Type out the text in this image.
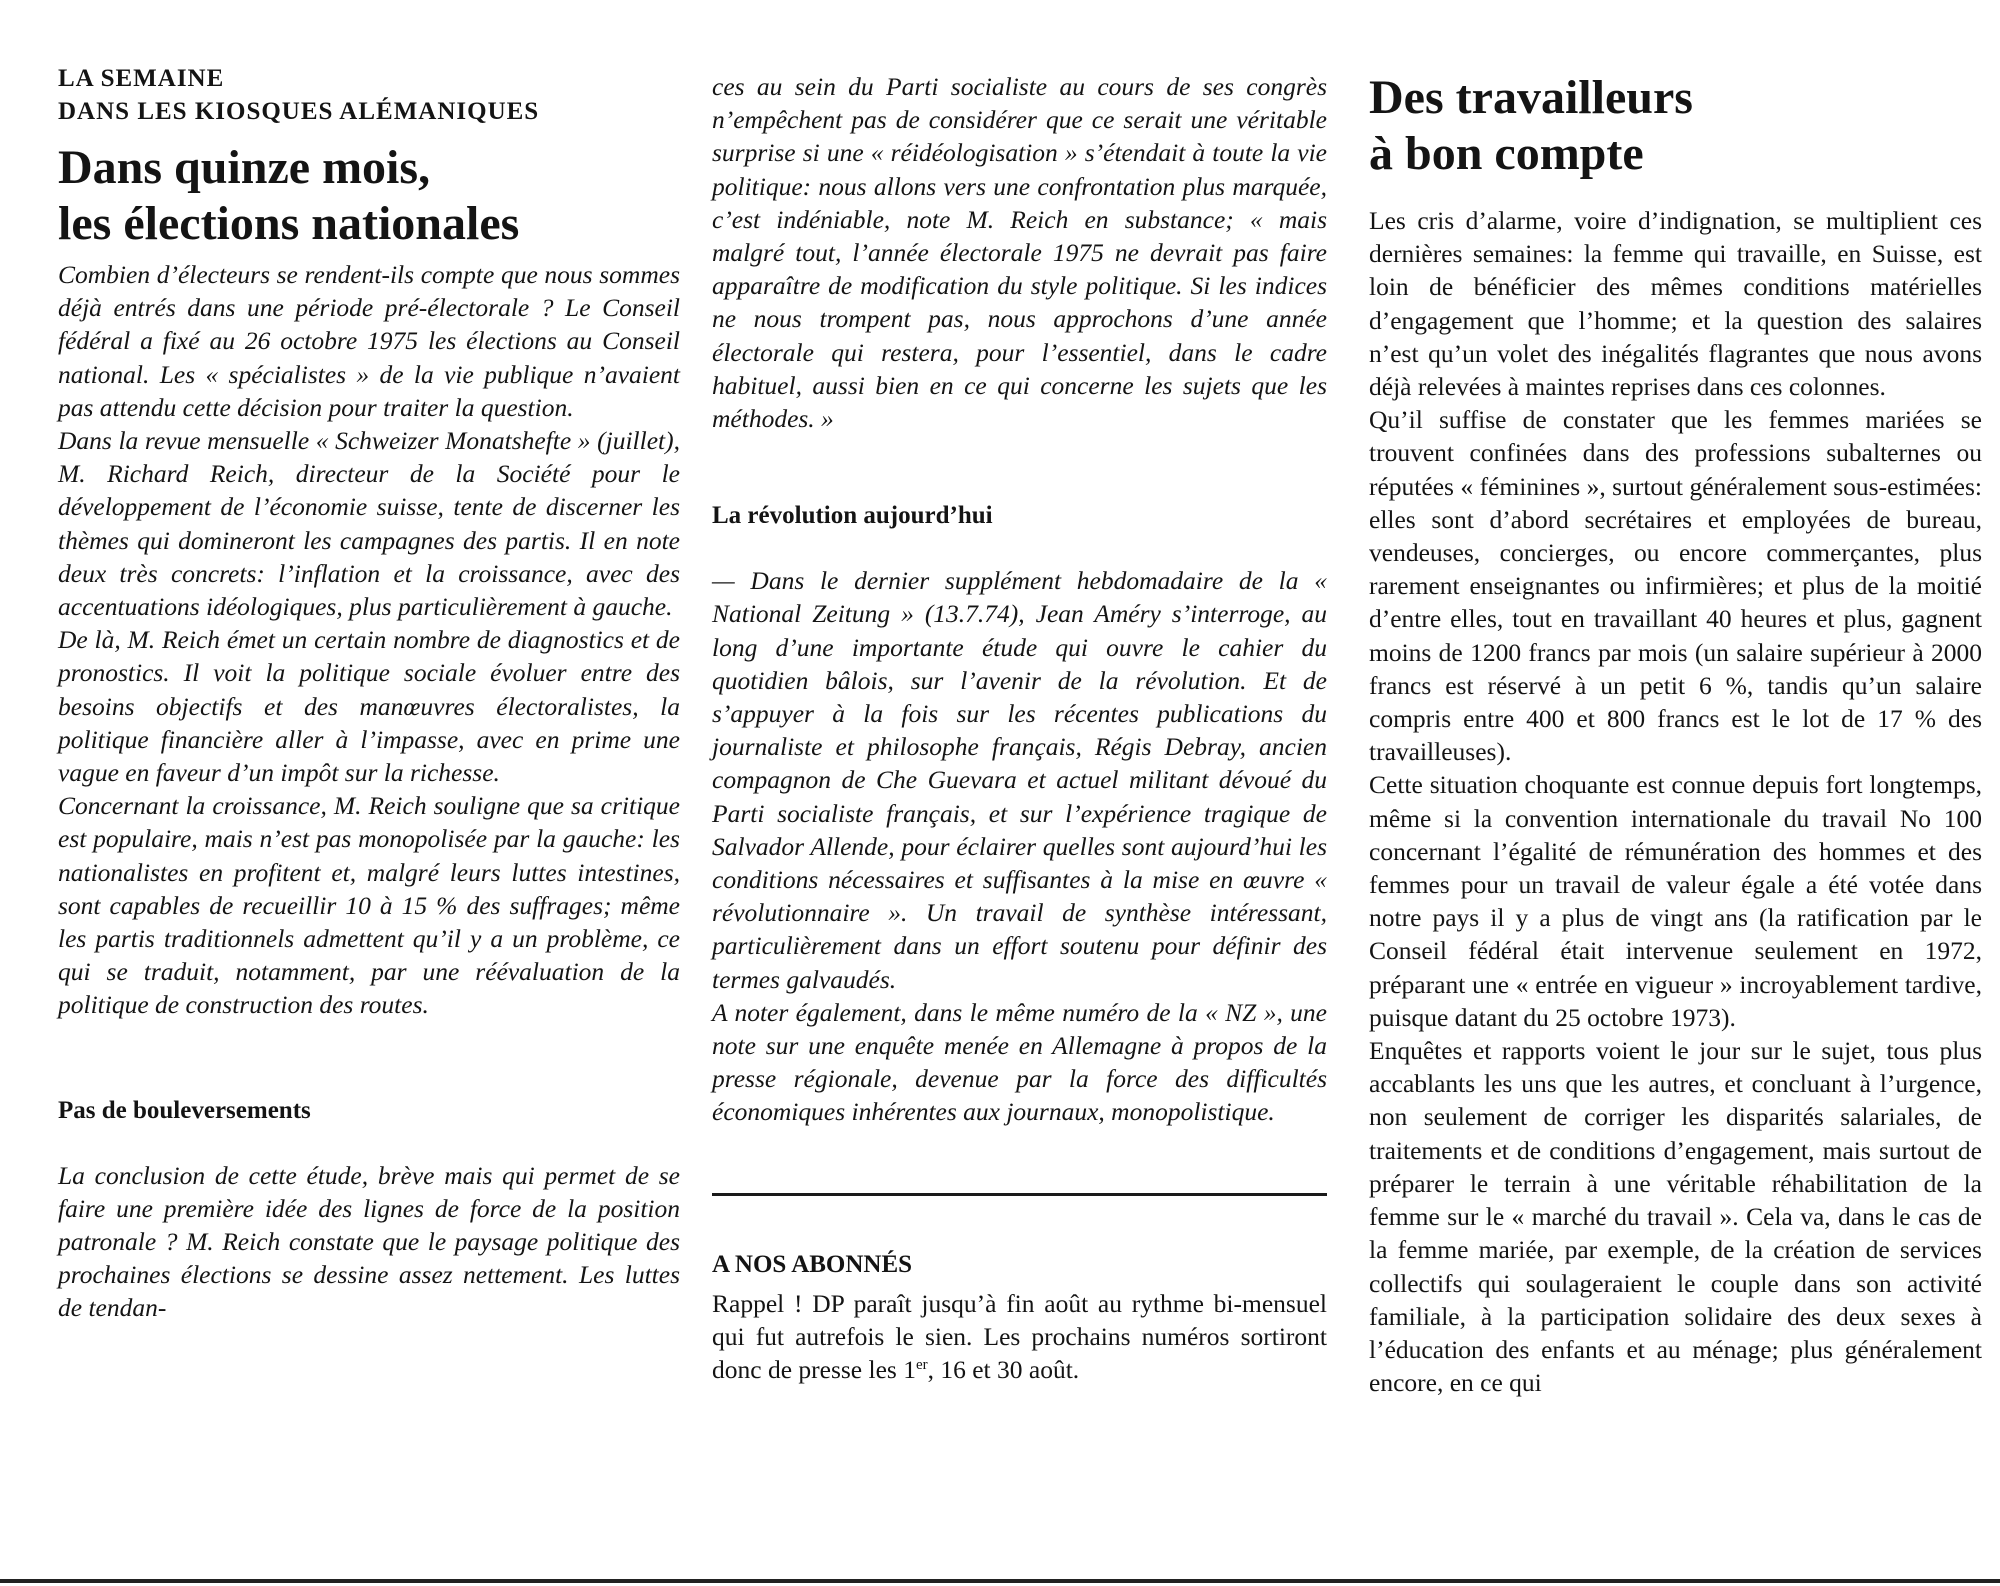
LA SEMAINE
DANS LES KIOSQUES ALÉMANIQUES
Dans quinze mois,
les élections nationales

Combien d’électeurs se rendent-ils compte que nous sommes déjà entrés dans une période pré-électorale ? Le Conseil fédéral a fixé au 26 octobre 1975 les élections au Conseil national. Les « spécialistes » de la vie publique n’avaient pas attendu cette décision pour traiter la question.

Dans la revue mensuelle « Schweizer Monatshefte » (juillet), M. Richard Reich, directeur de la Société pour le développement de l’économie suisse, tente de discerner les thèmes qui domineront les campagnes des partis. Il en note deux très concrets: l’inflation et la croissance, avec des accentuations idéologiques, plus particulièrement à gauche.

De là, M. Reich émet un certain nombre de diagnostics et de pronostics. Il voit la politique sociale évoluer entre des besoins objectifs et des manœuvres électoralistes, la politique financière aller à l’impasse, avec en prime une vague en faveur d’un impôt sur la richesse.

Concernant la croissance, M. Reich souligne que sa critique est populaire, mais n’est pas monopolisée par la gauche: les nationalistes en profitent et, malgré leurs luttes intestines, sont capables de recueillir 10 à 15 % des suffrages; même les partis traditionnels admettent qu’il y a un problème, ce qui se traduit, notamment, par une réévaluation de la politique de construction des routes.

Pas de bouleversements

La conclusion de cette étude, brève mais qui permet de se faire une première idée des lignes de force de la position patronale ? M. Reich constate que le paysage politique des prochaines élections se dessine assez nettement. Les luttes de tendan-

ces au sein du Parti socialiste au cours de ses congrès n’empêchent pas de considérer que ce serait une véritable surprise si une « réidéologisation » s’étendait à toute la vie politique: nous allons vers une confrontation plus marquée, c’est indéniable, note M. Reich en substance; « mais malgré tout, l’année électorale 1975 ne devrait pas faire apparaître de modification du style politique. Si les indices ne nous trompent pas, nous approchons d’une année électorale qui restera, pour l’essentiel, dans le cadre habituel, aussi bien en ce qui concerne les sujets que les méthodes. »

La révolution aujourd’hui

— Dans le dernier supplément hebdomadaire de la « National Zeitung » (13.7.74), Jean Améry s’interroge, au long d’une importante étude qui ouvre le cahier du quotidien bâlois, sur l’avenir de la révolution. Et de s’appuyer à la fois sur les récentes publications du journaliste et philosophe français, Régis Debray, ancien compagnon de Che Guevara et actuel militant dévoué du Parti socialiste français, et sur l’expérience tragique de Salvador Allende, pour éclairer quelles sont aujourd’hui les conditions nécessaires et suffisantes à la mise en œuvre « révolutionnaire ». Un travail de synthèse intéressant, particulièrement dans un effort soutenu pour définir des termes galvaudés.

A noter également, dans le même numéro de la « NZ », une note sur une enquête menée en Allemagne à propos de la presse régionale, devenue par la force des difficultés économiques inhérentes aux journaux, monopolistique.

A NOS ABONNÉS

Rappel ! DP paraît jusqu’à fin août au rythme bi-mensuel qui fut autrefois le sien. Les prochains numéros sortiront donc de presse les 1er, 16 et 30 août.

Des travailleurs
à bon compte

Les cris d’alarme, voire d’indignation, se multiplient ces dernières semaines: la femme qui travaille, en Suisse, est loin de bénéficier des mêmes conditions matérielles d’engagement que l’homme; et la question des salaires n’est qu’un volet des inégalités flagrantes que nous avons déjà relevées à maintes reprises dans ces colonnes.

Qu’il suffise de constater que les femmes mariées se trouvent confinées dans des professions subalternes ou réputées « féminines », surtout généralement sous-estimées: elles sont d’abord secrétaires et employées de bureau, vendeuses, concierges, ou encore commerçantes, plus rarement enseignantes ou infirmières; et plus de la moitié d’entre elles, tout en travaillant 40 heures et plus, gagnent moins de 1200 francs par mois (un salaire supérieur à 2000 francs est réservé à un petit 6 %, tandis qu’un salaire compris entre 400 et 800 francs est le lot de 17 % des travailleuses).

Cette situation choquante est connue depuis fort longtemps, même si la convention internationale du travail No 100 concernant l’égalité de rémunération des hommes et des femmes pour un travail de valeur égale a été votée dans notre pays il y a plus de vingt ans (la ratification par le Conseil fédéral était intervenue seulement en 1972, préparant une « entrée en vigueur » incroyablement tardive, puisque datant du 25 octobre 1973).

Enquêtes et rapports voient le jour sur le sujet, tous plus accablants les uns que les autres, et concluant à l’urgence, non seulement de corriger les disparités salariales, de traitements et de conditions d’engagement, mais surtout de préparer le terrain à une véritable réhabilitation de la femme sur le « marché du travail ». Cela va, dans le cas de la femme mariée, par exemple, de la création de services collectifs qui soulageraient le couple dans son activité familiale, à la participation solidaire des deux sexes à l’éducation des enfants et au ménage; plus généralement encore, en ce qui
